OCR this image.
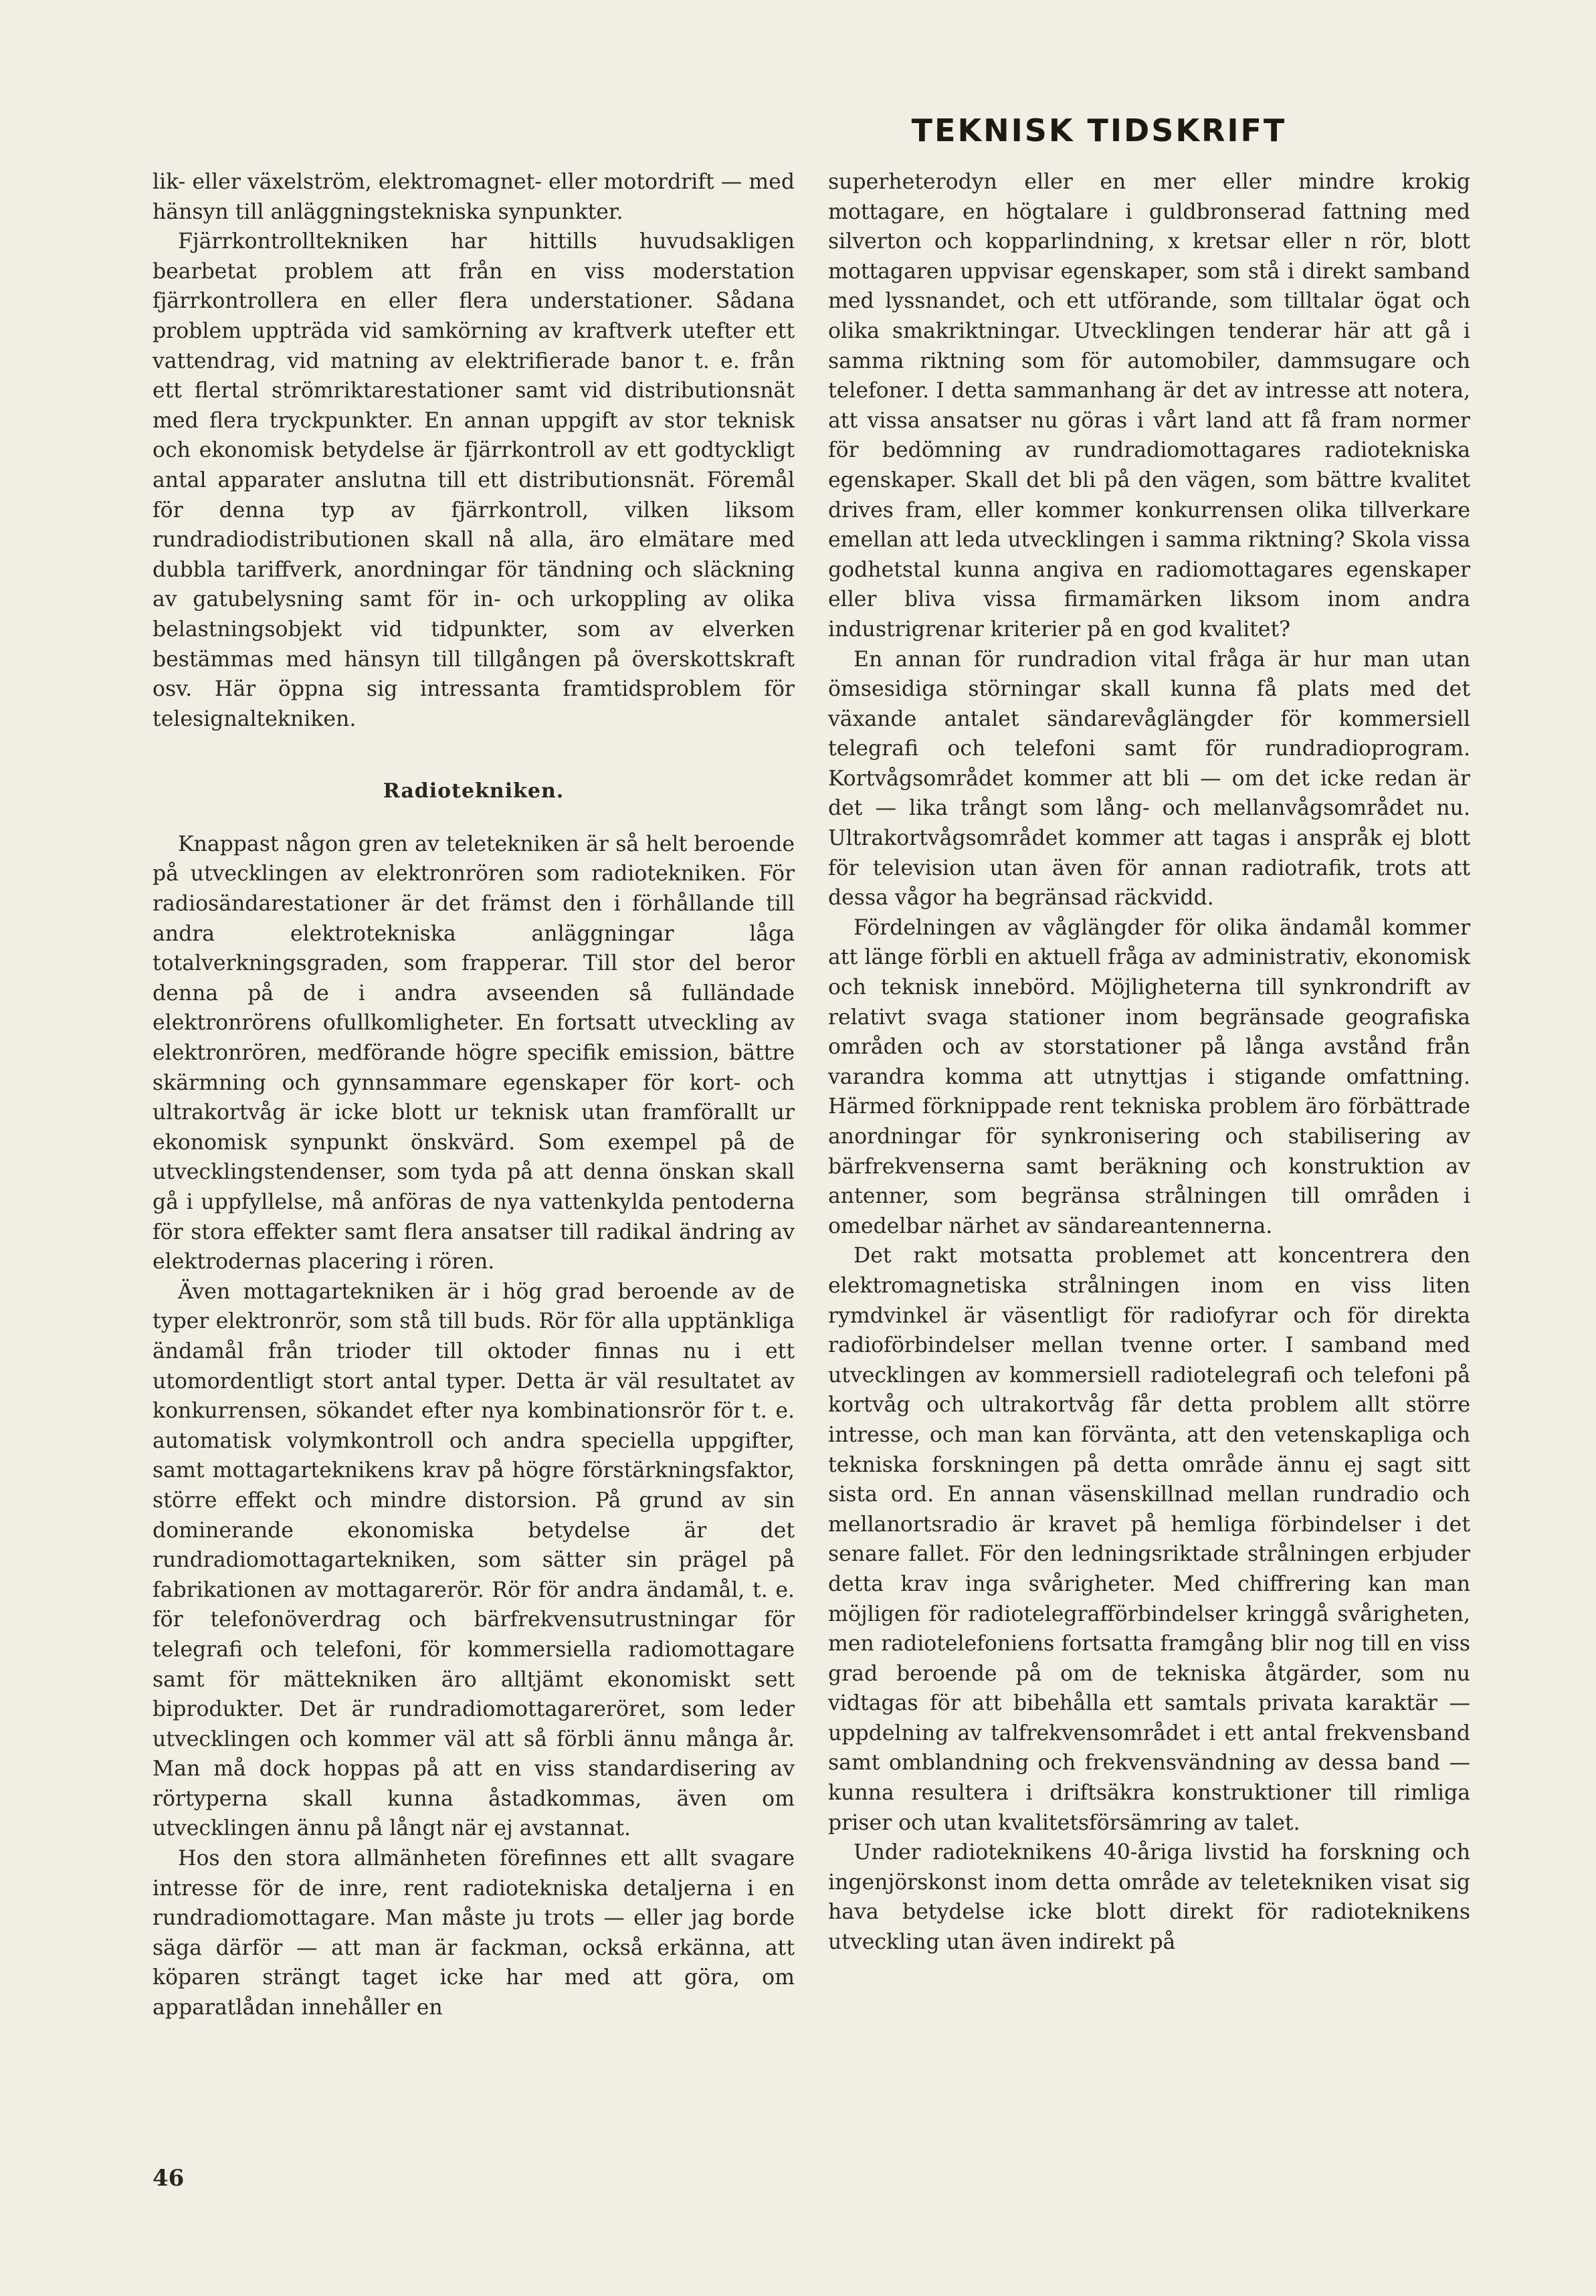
TEKNISK TIDSKRIFT

lik- eller växelström, elektromagnet- eller motordrift — med hänsyn till anläggningstekniska synpunkter.

Fjärrkontrolltekniken har hittills huvudsakligen bearbetat problem att från en viss moderstation fjärrkontrollera en eller flera understationer. Sådana problem uppträda vid samkörning av kraftverk utefter ett vattendrag, vid matning av elektrifierade banor t. e. från ett flertal strömriktarestationer samt vid distributionsnät med flera tryckpunkter. En annan uppgift av stor teknisk och ekonomisk betydelse är fjärrkontroll av ett godtyckligt antal apparater anslutna till ett distributionsnät. Föremål för denna typ av fjärrkontroll, vilken liksom rundradiodistributionen skall nå alla, äro elmätare med dubbla tariffverk, anordningar för tändning och släckning av gatubelysning samt för in- och urkoppling av olika belastningsobjekt vid tidpunkter, som av elverken bestämmas med hänsyn till tillgången på överskottskraft osv. Här öppna sig intressanta framtidsproblem för telesignaltekniken.

Radiotekniken.

Knappast någon gren av teletekniken är så helt beroende på utvecklingen av elektronrören som radiotekniken. För radiosändarestationer är det främst den i förhållande till andra elektrotekniska anläggningar låga totalverkningsgraden, som frapperar. Till stor del beror denna på de i andra avseenden så fulländade elektronrörens ofullkomligheter. En fortsatt utveckling av elektronrören, medförande högre specifik emission, bättre skärmning och gynnsammare egenskaper för kort- och ultrakortvåg är icke blott ur teknisk utan framförallt ur ekonomisk synpunkt önskvärd. Som exempel på de utvecklingstendenser, som tyda på att denna önskan skall gå i uppfyllelse, må anföras de nya vattenkylda pentoderna för stora effekter samt flera ansatser till radikal ändring av elektrodernas placering i rören.

Även mottagartekniken är i hög grad beroende av de typer elektronrör, som stå till buds. Rör för alla upptänkliga ändamål från trioder till oktoder finnas nu i ett utomordentligt stort antal typer. Detta är väl resultatet av konkurrensen, sökandet efter nya kombinationsrör för t. e. automatisk volymkontroll och andra speciella uppgifter, samt mottagarteknikens krav på högre förstärkningsfaktor, större effekt och mindre distorsion. På grund av sin dominerande ekonomiska betydelse är det rundradiomottagartekniken, som sätter sin prägel på fabrikationen av mottagarerör. Rör för andra ändamål, t. e. för telefonöverdrag och bärfrekvensutrustningar för telegrafi och telefoni, för kommersiella radiomottagare samt för mättekniken äro alltjämt ekonomiskt sett biprodukter. Det är rundradiomottagareröret, som leder utvecklingen och kommer väl att så förbli ännu många år. Man må dock hoppas på att en viss standardisering av rörtyperna skall kunna åstadkommas, även om utvecklingen ännu på långt när ej avstannat.

Hos den stora allmänheten förefinnes ett allt svagare intresse för de inre, rent radiotekniska detaljerna i en rundradiomottagare. Man måste ju trots — eller jag borde säga därför — att man är fackman, också erkänna, att köparen strängt taget icke har med att göra, om apparatlådan innehåller en

superheterodyn eller en mer eller mindre krokig mottagare, en högtalare i guldbronserad fattning med silverton och kopparlindning, x kretsar eller n rör, blott mottagaren uppvisar egenskaper, som stå i direkt samband med lyssnandet, och ett utförande, som tilltalar ögat och olika smakriktningar. Utvecklingen tenderar här att gå i samma riktning som för automobiler, dammsugare och telefoner. I detta sammanhang är det av intresse att notera, att vissa ansatser nu göras i vårt land att få fram normer för bedömning av rundradiomottagares radiotekniska egenskaper. Skall det bli på den vägen, som bättre kvalitet drives fram, eller kommer konkurrensen olika tillverkare emellan att leda utvecklingen i samma riktning? Skola vissa godhetstal kunna angiva en radiomottagares egenskaper eller bliva vissa firmamärken liksom inom andra industrigrenar kriterier på en god kvalitet?

En annan för rundradion vital fråga är hur man utan ömsesidiga störningar skall kunna få plats med det växande antalet sändarevåglängder för kommersiell telegrafi och telefoni samt för rundradioprogram. Kortvågsområdet kommer att bli — om det icke redan är det — lika trångt som lång- och mellanvågsområdet nu. Ultrakortvågsområdet kommer att tagas i anspråk ej blott för television utan även för annan radiotrafik, trots att dessa vågor ha begränsad räckvidd.

Fördelningen av våglängder för olika ändamål kommer att länge förbli en aktuell fråga av administrativ, ekonomisk och teknisk innebörd. Möjligheterna till synkrondrift av relativt svaga stationer inom begränsade geografiska områden och av storstationer på långa avstånd från varandra komma att utnyttjas i stigande omfattning. Härmed förknippade rent tekniska problem äro förbättrade anordningar för synkronisering och stabilisering av bärfrekvenserna samt beräkning och konstruktion av antenner, som begränsa strålningen till områden i omedelbar närhet av sändareantennerna.

Det rakt motsatta problemet att koncentrera den elektromagnetiska strålningen inom en viss liten rymdvinkel är väsentligt för radiofyrar och för direkta radioförbindelser mellan tvenne orter. I samband med utvecklingen av kommersiell radiotelegrafi och telefoni på kortvåg och ultrakortvåg får detta problem allt större intresse, och man kan förvänta, att den vetenskapliga och tekniska forskningen på detta område ännu ej sagt sitt sista ord. En annan väsenskillnad mellan rundradio och mellanortsradio är kravet på hemliga förbindelser i det senare fallet. För den ledningsriktade strålningen erbjuder detta krav inga svårigheter. Med chiffrering kan man möjligen för radiotelegrafförbindelser kringgå svårigheten, men radiotelefoniens fortsatta framgång blir nog till en viss grad beroende på om de tekniska åtgärder, som nu vidtagas för att bibehålla ett samtals privata karaktär — uppdelning av talfrekvensområdet i ett antal frekvensband samt omblandning och frekvensvändning av dessa band — kunna resultera i driftsäkra konstruktioner till rimliga priser och utan kvalitetsförsämring av talet.

Under radioteknikens 40-åriga livstid ha forskning och ingenjörskonst inom detta område av teletekniken visat sig hava betydelse icke blott direkt för radioteknikens utveckling utan även indirekt på

46
